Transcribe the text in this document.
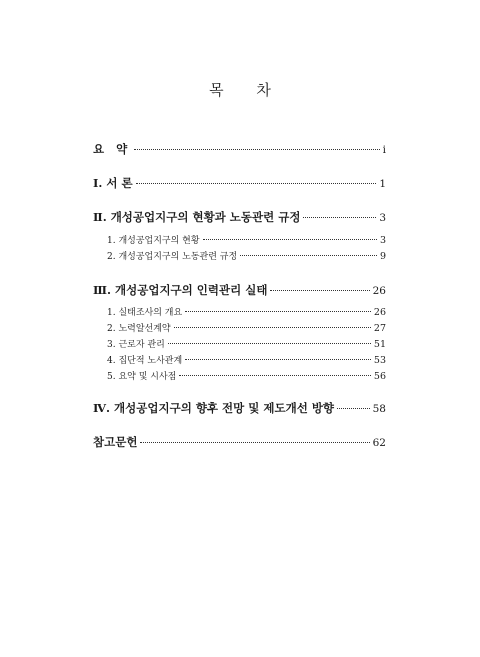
목 차
요 약	i
Ⅰ. 서 론	1
Ⅱ. 개성공업지구의 현황과 노동관련 규정	3
1. 개성공업지구의 현황	3
2. 개성공업지구의 노동관련 규정	9
Ⅲ. 개성공업지구의 인력관리 실태	26
1. 실태조사의 개요	26
2. 노력알선계약	27
3. 근로자 관리	51
4. 집단적 노사관계	53
5. 요약 및 시사점	56
Ⅳ. 개성공업지구의 향후 전망 및 제도개선 방향	58
참고문헌	62
